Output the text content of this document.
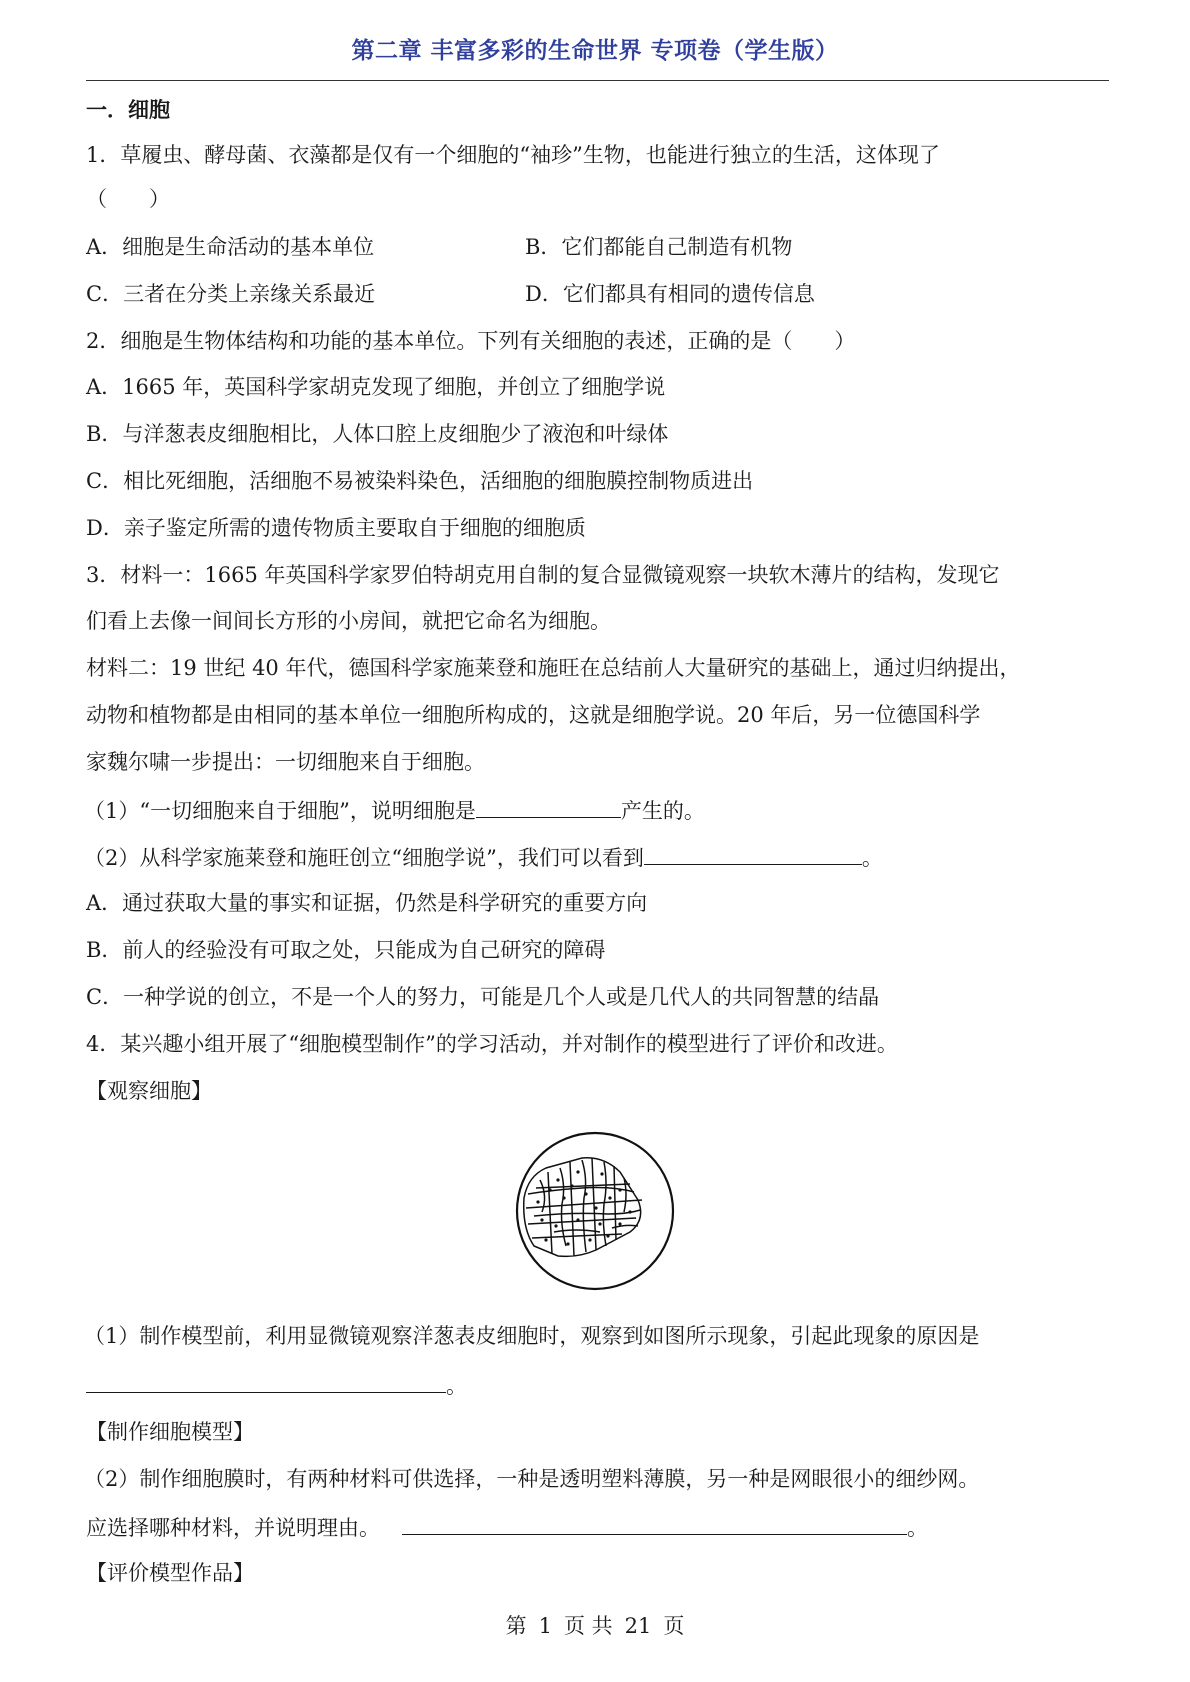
第二章 丰富多彩的生命世界 专项卷（学生版）
一．细胞
1．草履虫、酵母菌、衣藻都是仅有一个细胞的“袖珍”生物，也能进行独立的生活，这体现了
（　　）
A．细胞是生命活动的基本单位	B．它们都能自己制造有机物
C．三者在分类上亲缘关系最近	D．它们都具有相同的遗传信息
2．细胞是生物体结构和功能的基本单位。下列有关细胞的表述，正确的是（　　）
A．1665 年，英国科学家胡克发现了细胞，并创立了细胞学说
B．与洋葱表皮细胞相比，人体口腔上皮细胞少了液泡和叶绿体
C．相比死细胞，活细胞不易被染料染色，活细胞的细胞膜控制物质进出
D．亲子鉴定所需的遗传物质主要取自于细胞的细胞质
3．材料一：1665 年英国科学家罗伯特胡克用自制的复合显微镜观察一块软木薄片的结构，发现它
们看上去像一间间长方形的小房间，就把它命名为细胞。
材料二：19 世纪 40 年代，德国科学家施莱登和施旺在总结前人大量研究的基础上，通过归纳提出，
动物和植物都是由相同的基本单位一细胞所构成的，这就是细胞学说。20 年后，另一位德国科学
家魏尔啸一步提出：一切细胞来自于细胞。
（1）“一切细胞来自于细胞”，说明细胞是	产生的。
（2）从科学家施莱登和施旺创立“细胞学说”，我们可以看到	。
A．通过获取大量的事实和证据，仍然是科学研究的重要方向
B．前人的经验没有可取之处，只能成为自己研究的障碍
C．一种学说的创立，不是一个人的努力，可能是几个人或是几代人的共同智慧的结晶
4．某兴趣小组开展了“细胞模型制作”的学习活动，并对制作的模型进行了评价和改进。
【观察细胞】
（1）制作模型前，利用显微镜观察洋葱表皮细胞时，观察到如图所示现象，引起此现象的原因是
。
【制作细胞模型】
（2）制作细胞膜时，有两种材料可供选择，一种是透明塑料薄膜，另一种是网眼很小的细纱网。
应选择哪种材料，并说明理由。	。
【评价模型作品】
第 1 页 共 21 页
